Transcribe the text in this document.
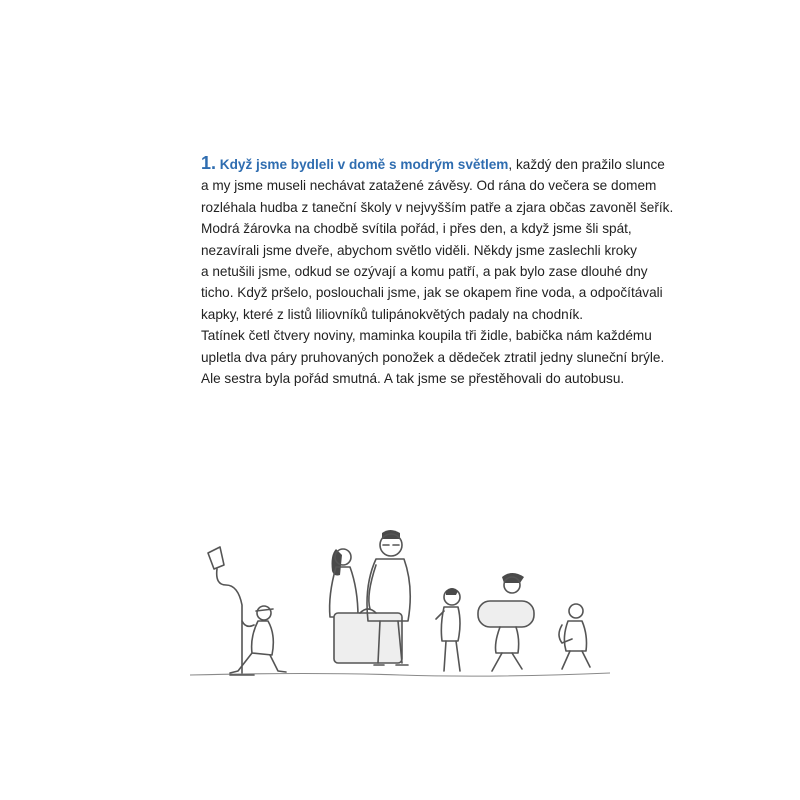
1. Když jsme bydleli v domě s modrým světlem, každý den pražilo slunce
a my jsme museli nechávat zatažené závěsy. Od rána do večera se domem
rozléhala hudba z taneční školy v nejvyšším patře a zjara občas zavoněl šeřík.
Modrá žárovka na chodbě svítila pořád, i přes den, a když jsme šli spát,
nezavírali jsme dveře, abychom světlo viděli. Někdy jsme zaslechli kroky
a netušili jsme, odkud se ozývají a komu patří, a pak bylo zase dlouhé dny
ticho. Když pršelo, poslouchali jsme, jak se okapem řine voda, a odpočítávali
kapky, které z listů liliovníků tulipánokvětých padaly na chodník.
Tatínek četl čtvery noviny, maminka koupila tři židle, babička nám každému
upletla dva páry pruhovaných ponožek a dědeček ztratil jedny sluneční brýle.
Ale sestra byla pořád smutná. A tak jsme se přestěhovali do autobusu.
